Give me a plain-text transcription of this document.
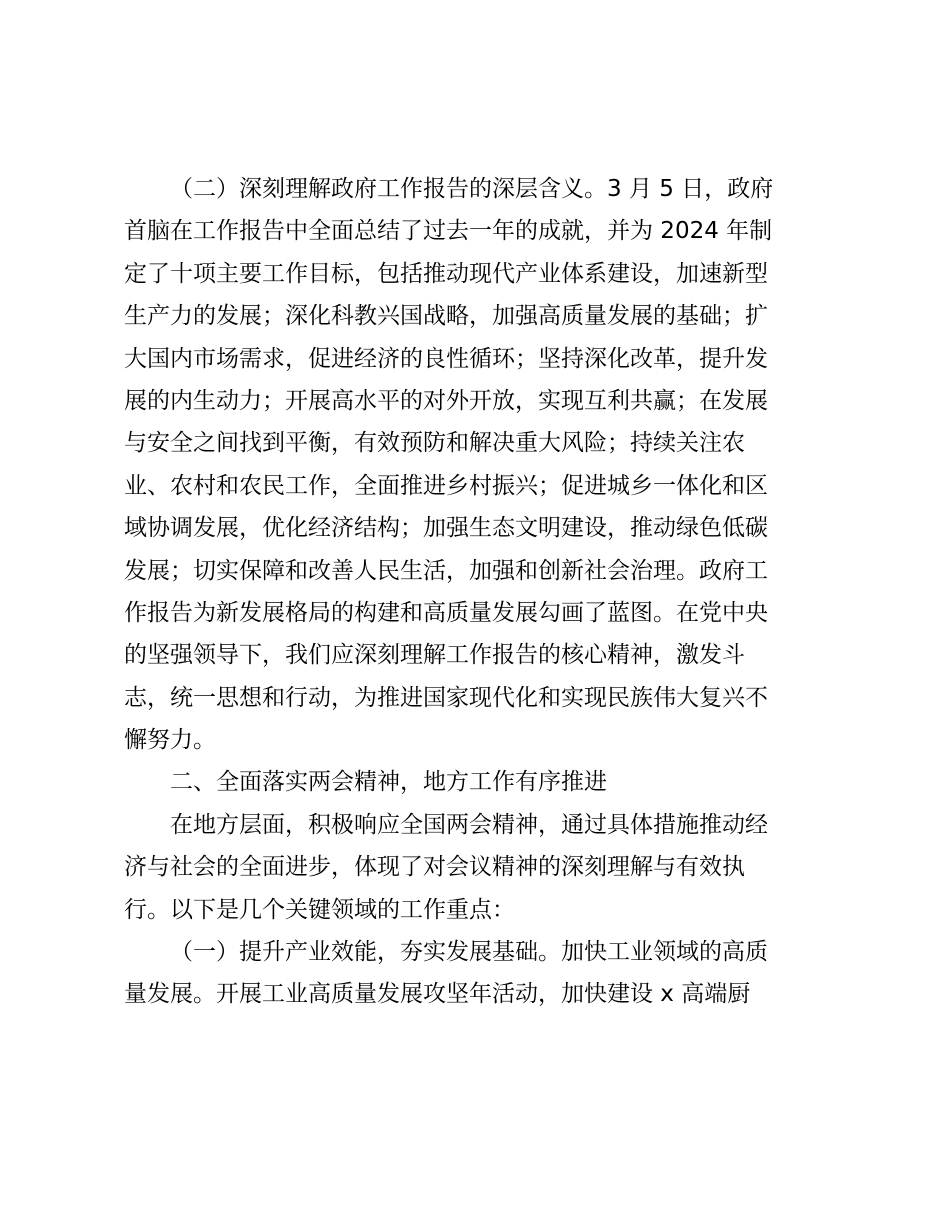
（二）深刻理解政府工作报告的深层含义。3 月 5 日，政府
首脑在工作报告中全面总结了过去一年的成就，并为 2024 年制
定了十项主要工作目标，包括推动现代产业体系建设，加速新型
生产力的发展；深化科教兴国战略，加强高质量发展的基础；扩
大国内市场需求，促进经济的良性循环；坚持深化改革，提升发
展的内生动力；开展高水平的对外开放，实现互利共赢；在发展
与安全之间找到平衡，有效预防和解决重大风险；持续关注农
业、农村和农民工作，全面推进乡村振兴；促进城乡一体化和区
域协调发展，优化经济结构；加强生态文明建设，推动绿色低碳
发展；切实保障和改善人民生活，加强和创新社会治理。政府工
作报告为新发展格局的构建和高质量发展勾画了蓝图。在党中央
的坚强领导下，我们应深刻理解工作报告的核心精神，激发斗
志，统一思想和行动，为推进国家现代化和实现民族伟大复兴不
懈努力。
二、全面落实两会精神，地方工作有序推进
在地方层面，积极响应全国两会精神，通过具体措施推动经
济与社会的全面进步，体现了对会议精神的深刻理解与有效执
行。以下是几个关键领域的工作重点：
（一）提升产业效能，夯实发展基础。加快工业领域的高质
量发展。开展工业高质量发展攻坚年活动，加快建设 x 高端厨
